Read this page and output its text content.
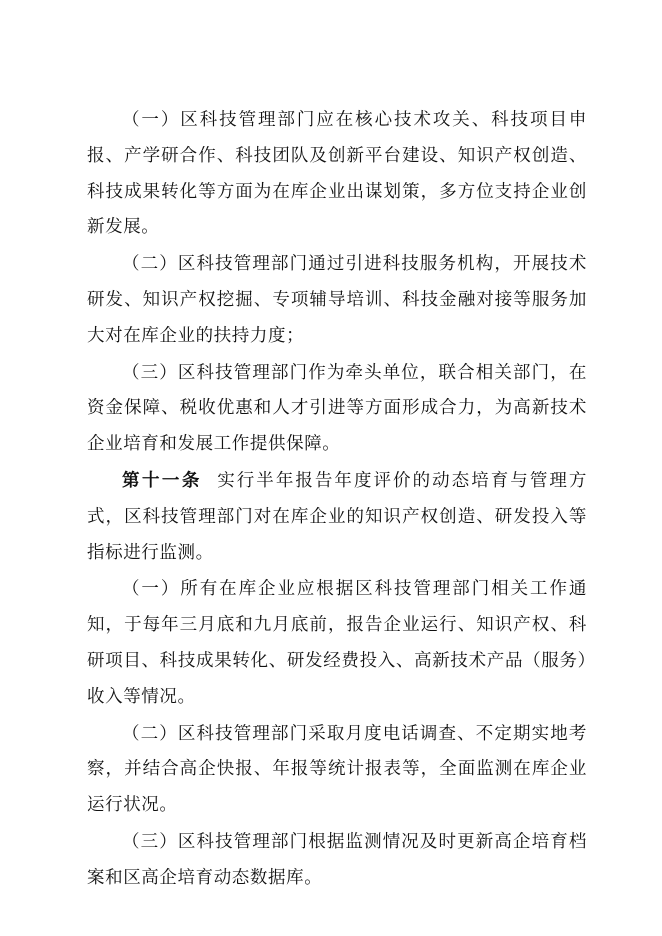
（一）区科技管理部门应在核心技术攻关、科技项目申报、产学研合作、科技团队及创新平台建设、知识产权创造、科技成果转化等方面为在库企业出谋划策，多方位支持企业创新发展。

（二）区科技管理部门通过引进科技服务机构，开展技术研发、知识产权挖掘、专项辅导培训、科技金融对接等服务加大对在库企业的扶持力度；

（三）区科技管理部门作为牵头单位，联合相关部门，在资金保障、税收优惠和人才引进等方面形成合力，为高新技术企业培育和发展工作提供保障。

第十一条 实行半年报告年度评价的动态培育与管理方式，区科技管理部门对在库企业的知识产权创造、研发投入等指标进行监测。

（一）所有在库企业应根据区科技管理部门相关工作通知，于每年三月底和九月底前，报告企业运行、知识产权、科研项目、科技成果转化、研发经费投入、高新技术产品（服务）收入等情况。

（二）区科技管理部门采取月度电话调查、不定期实地考察，并结合高企快报、年报等统计报表等，全面监测在库企业运行状况。

（三）区科技管理部门根据监测情况及时更新高企培育档案和区高企培育动态数据库。
